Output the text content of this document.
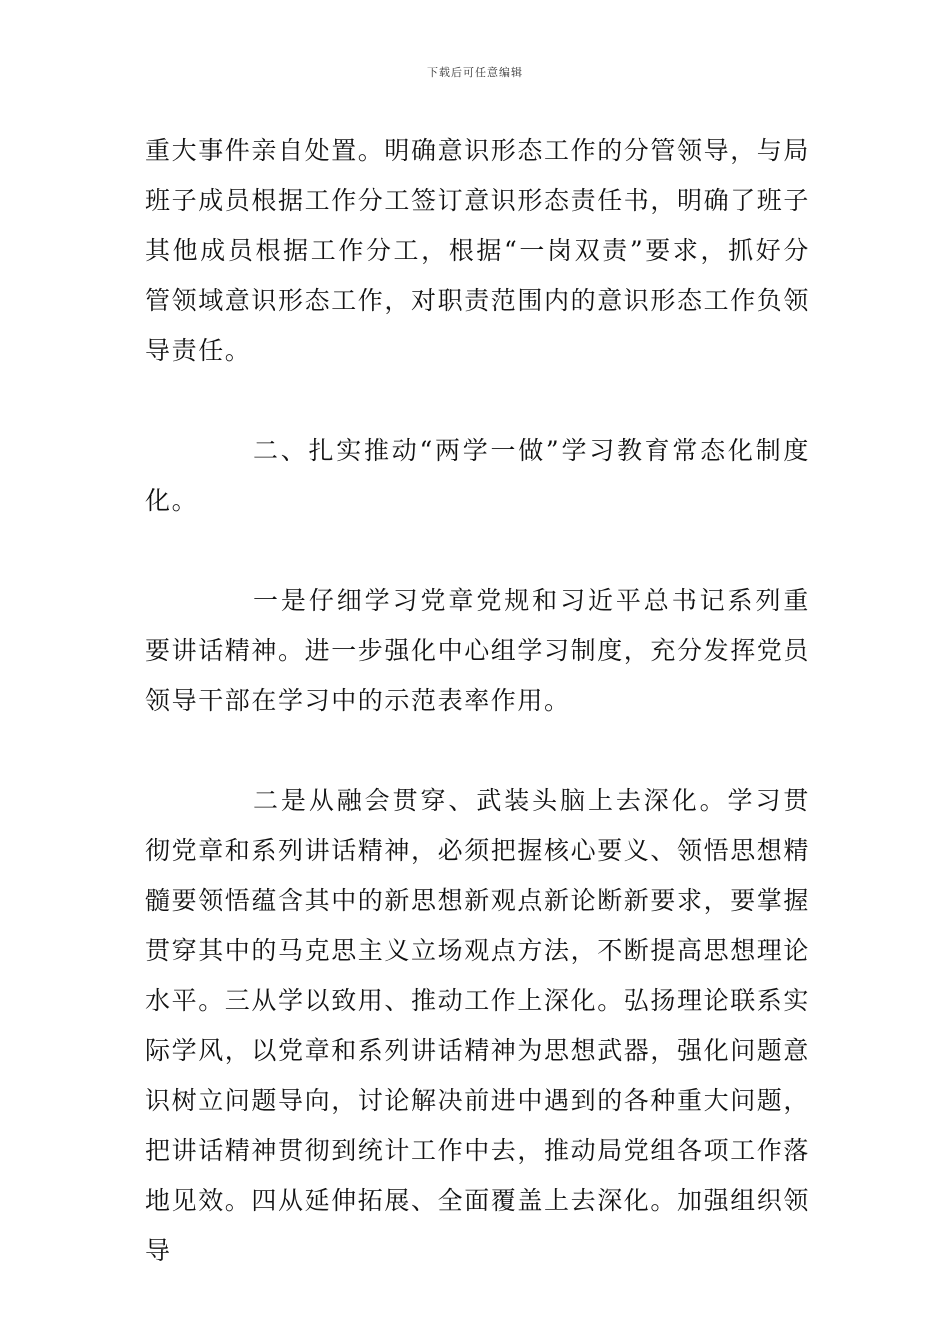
下载后可任意编辑

重大事件亲自处置。明确意识形态工作的分管领导，与局班子成员根据工作分工签订意识形态责任书，明确了班子其他成员根据工作分工，根据“一岗双责”要求，抓好分管领域意识形态工作，对职责范围内的意识形态工作负领导责任。

二、扎实推动“两学一做”学习教育常态化制度化。

一是仔细学习党章党规和习近平总书记系列重要讲话精神。进一步强化中心组学习制度，充分发挥党员领导干部在学习中的示范表率作用。

二是从融会贯穿、武装头脑上去深化。学习贯彻党章和系列讲话精神，必须把握核心要义、领悟思想精髓要领悟蕴含其中的新思想新观点新论断新要求，要掌握贯穿其中的马克思主义立场观点方法，不断提高思想理论水平。三从学以致用、推动工作上深化。弘扬理论联系实际学风，以党章和系列讲话精神为思想武器，强化问题意识树立问题导向，讨论解决前进中遇到的各种重大问题，把讲话精神贯彻到统计工作中去，推动局党组各项工作落地见效。四从延伸拓展、全面覆盖上去深化。加强组织领导
